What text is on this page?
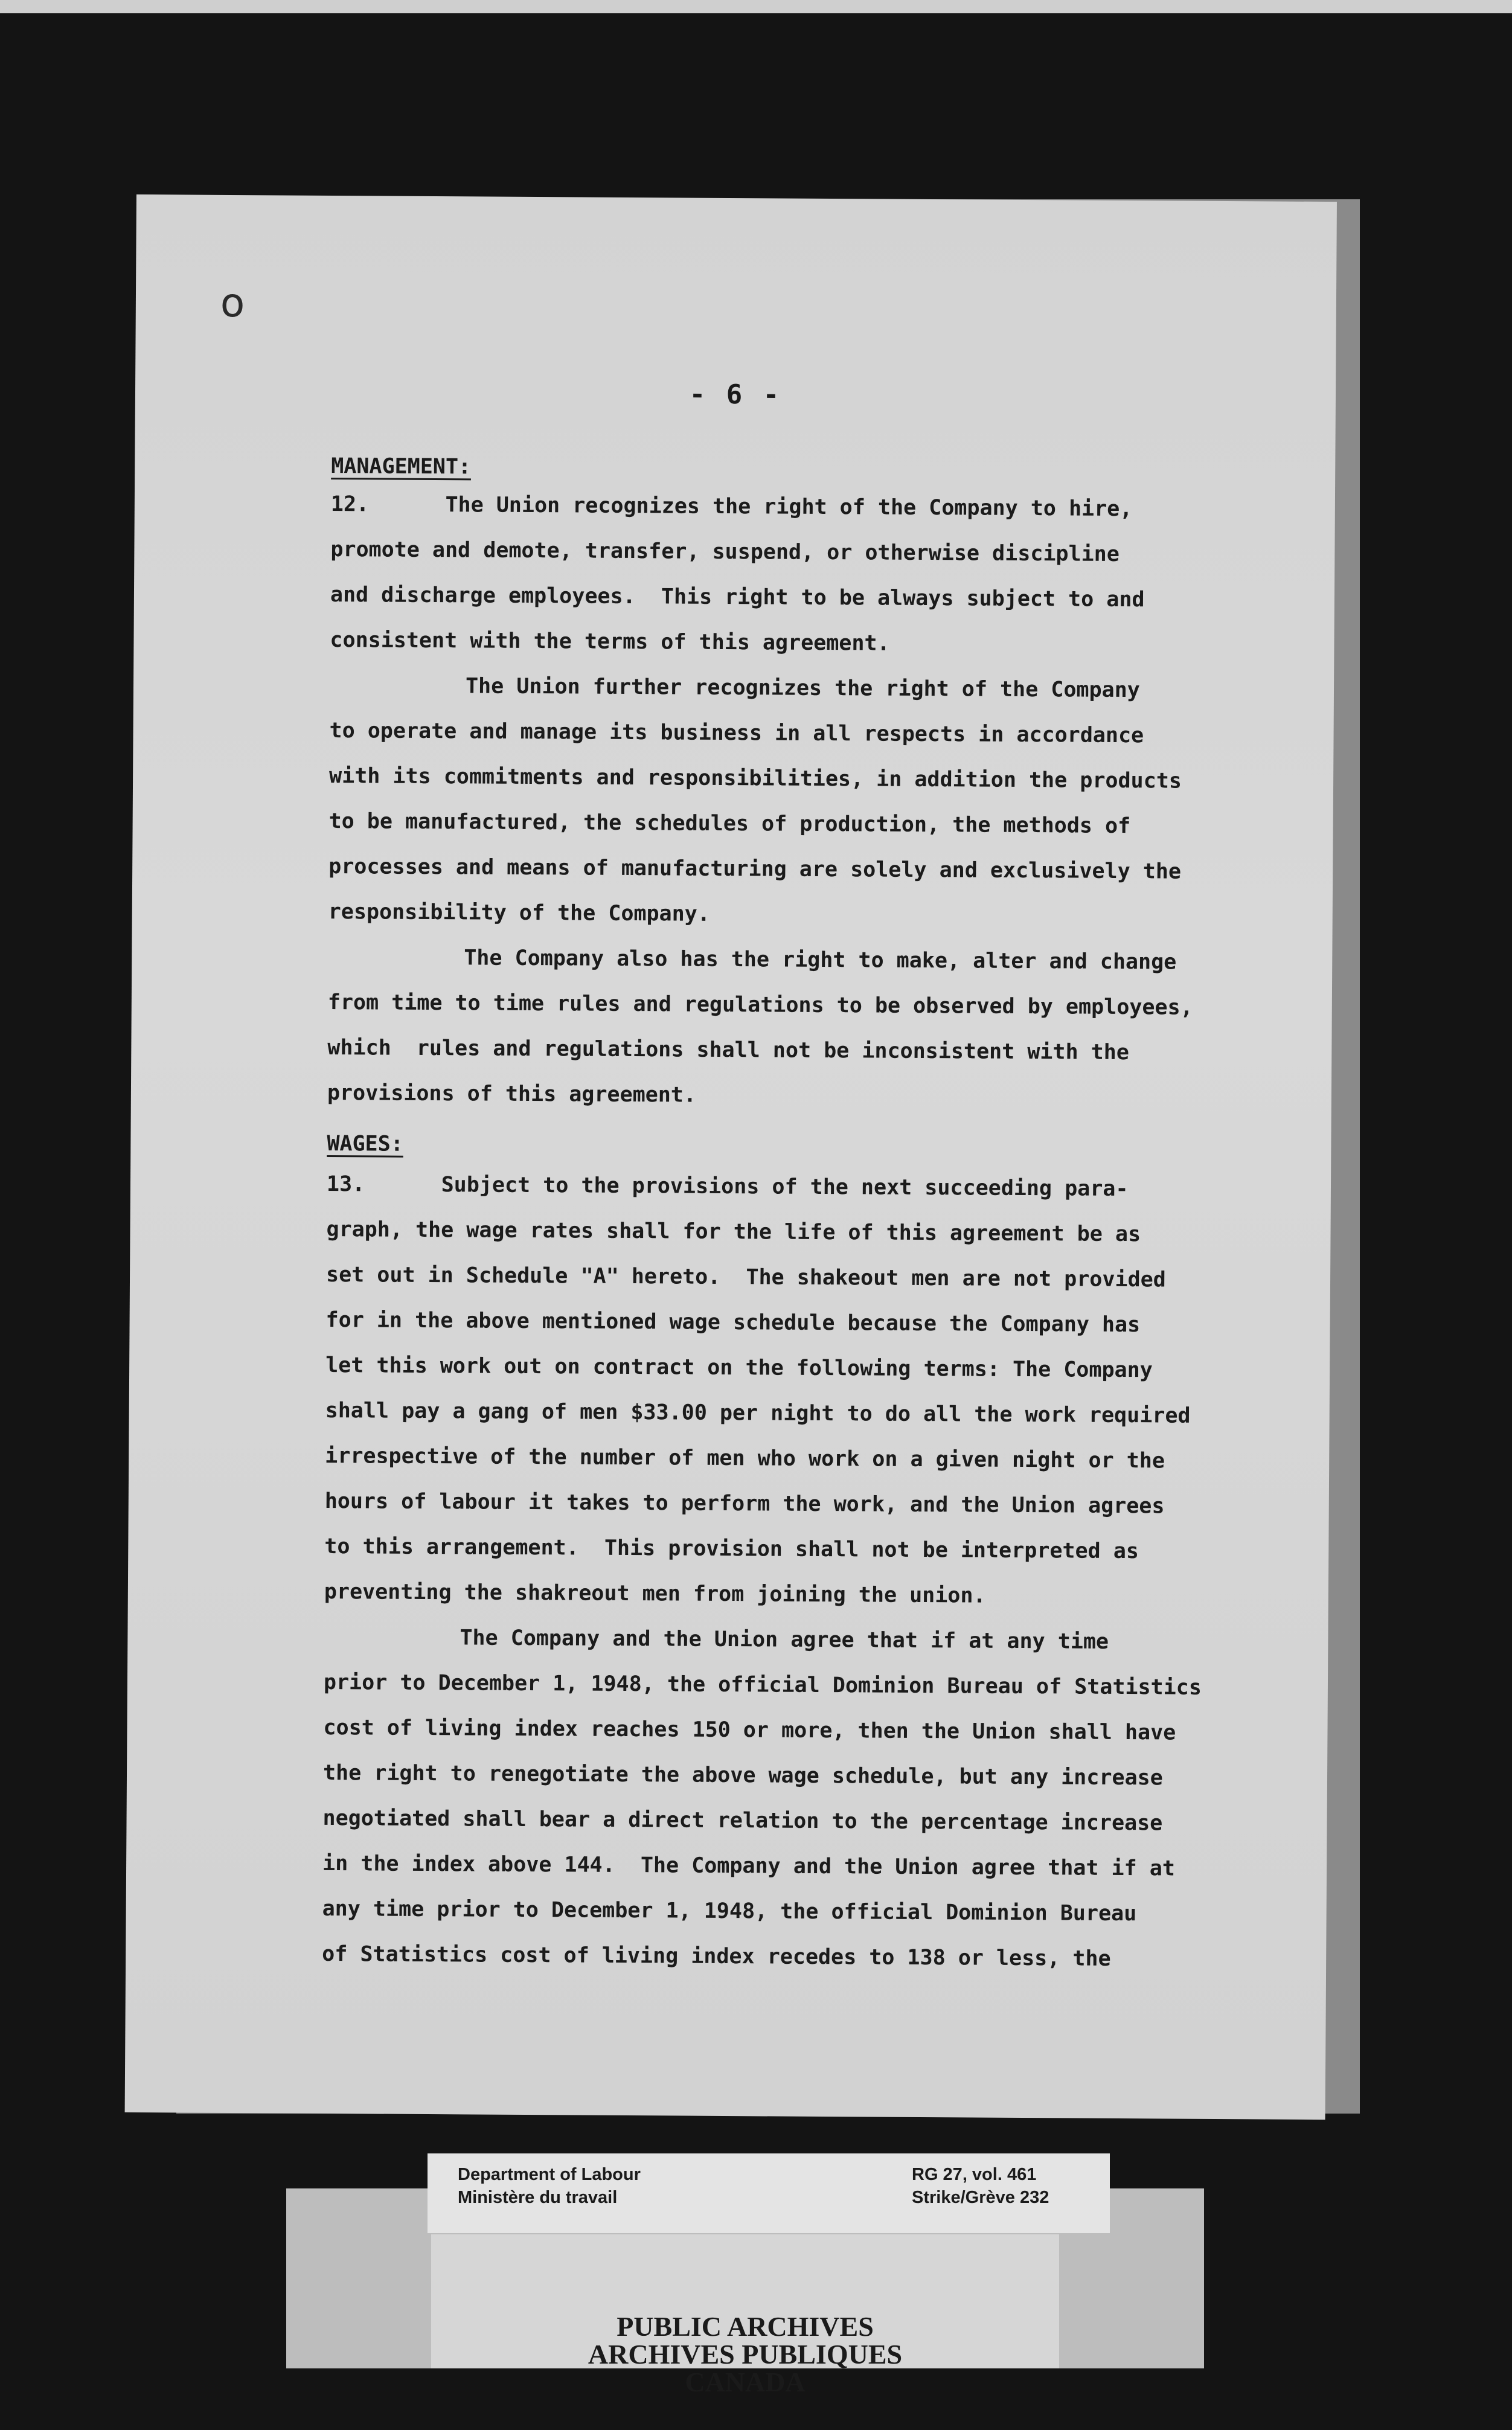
o
- 6 -
MANAGEMENT:
12.      The Union recognizes the right of the Company to hire,
promote and demote, transfer, suspend, or otherwise discipline
and discharge employees.  This right to be always subject to and
consistent with the terms of this agreement.
The Union further recognizes the right of the Company
to operate and manage its business in all respects in accordance
with its commitments and responsibilities, in addition the products
to be manufactured, the schedules of production, the methods of
processes and means of manufacturing are solely and exclusively the
responsibility of the Company.
The Company also has the right to make, alter and change
from time to time rules and regulations to be observed by employees,
which  rules and regulations shall not be inconsistent with the
provisions of this agreement.
WAGES:
13.      Subject to the provisions of the next succeeding para-
graph, the wage rates shall for the life of this agreement be as
set out in Schedule "A" hereto.  The shakeout men are not provided
for in the above mentioned wage schedule because the Company has
let this work out on contract on the following terms: The Company
shall pay a gang of men $33.00 per night to do all the work required
irrespective of the number of men who work on a given night or the
hours of labour it takes to perform the work, and the Union agrees
to this arrangement.  This provision shall not be interpreted as
preventing the shakreout men from joining the union.
The Company and the Union agree that if at any time
prior to December 1, 1948, the official Dominion Bureau of Statistics
cost of living index reaches 150 or more, then the Union shall have
the right to renegotiate the above wage schedule, but any increase
negotiated shall bear a direct relation to the percentage increase
in the index above 144.  The Company and the Union agree that if at
any time prior to December 1, 1948, the official Dominion Bureau
of Statistics cost of living index recedes to 138 or less, the
PUBLIC ARCHIVES
ARCHIVES PUBLIQUES
CANADA
Department of Labour
Ministère du travail
RG 27, vol. 461
Strike/Grève 232
